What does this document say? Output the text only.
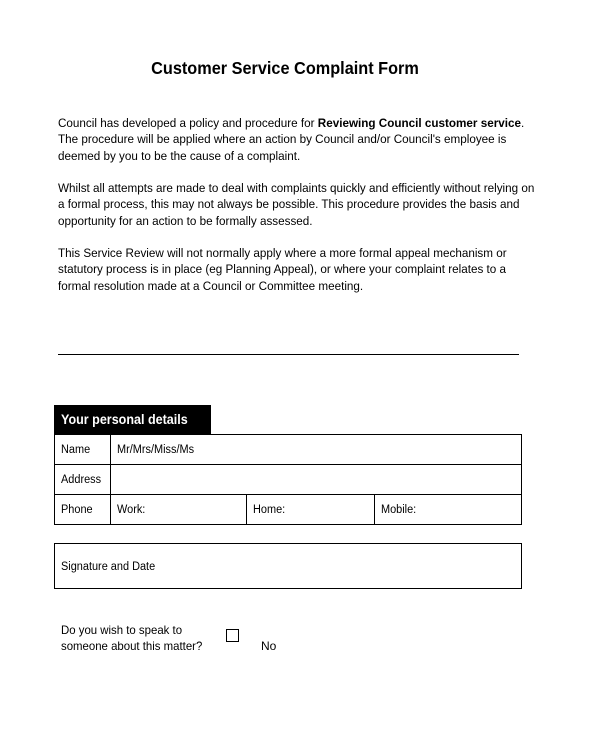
Customer Service Complaint Form
Council has developed a policy and procedure for Reviewing Council customer service.
The procedure will be applied where an action by Council and/or Council's employee is
deemed by you to be the cause of a complaint.
Whilst all attempts are made to deal with complaints quickly and efficiently without relying on
a formal process, this may not always be possible. This procedure provides the basis and
opportunity for an action to be formally assessed.
This Service Review will not normally apply where a more formal appeal mechanism or
statutory process is in place (eg Planning Appeal), or where your complaint relates to a
formal resolution made at a Council or Committee meeting.
Your personal details
Name	Mr/Mrs/Miss/Ms		
Address			
Phone	Work:	Home:	Mobile:
Signature and Date
Do you wish to speak to
someone about this matter?	No
